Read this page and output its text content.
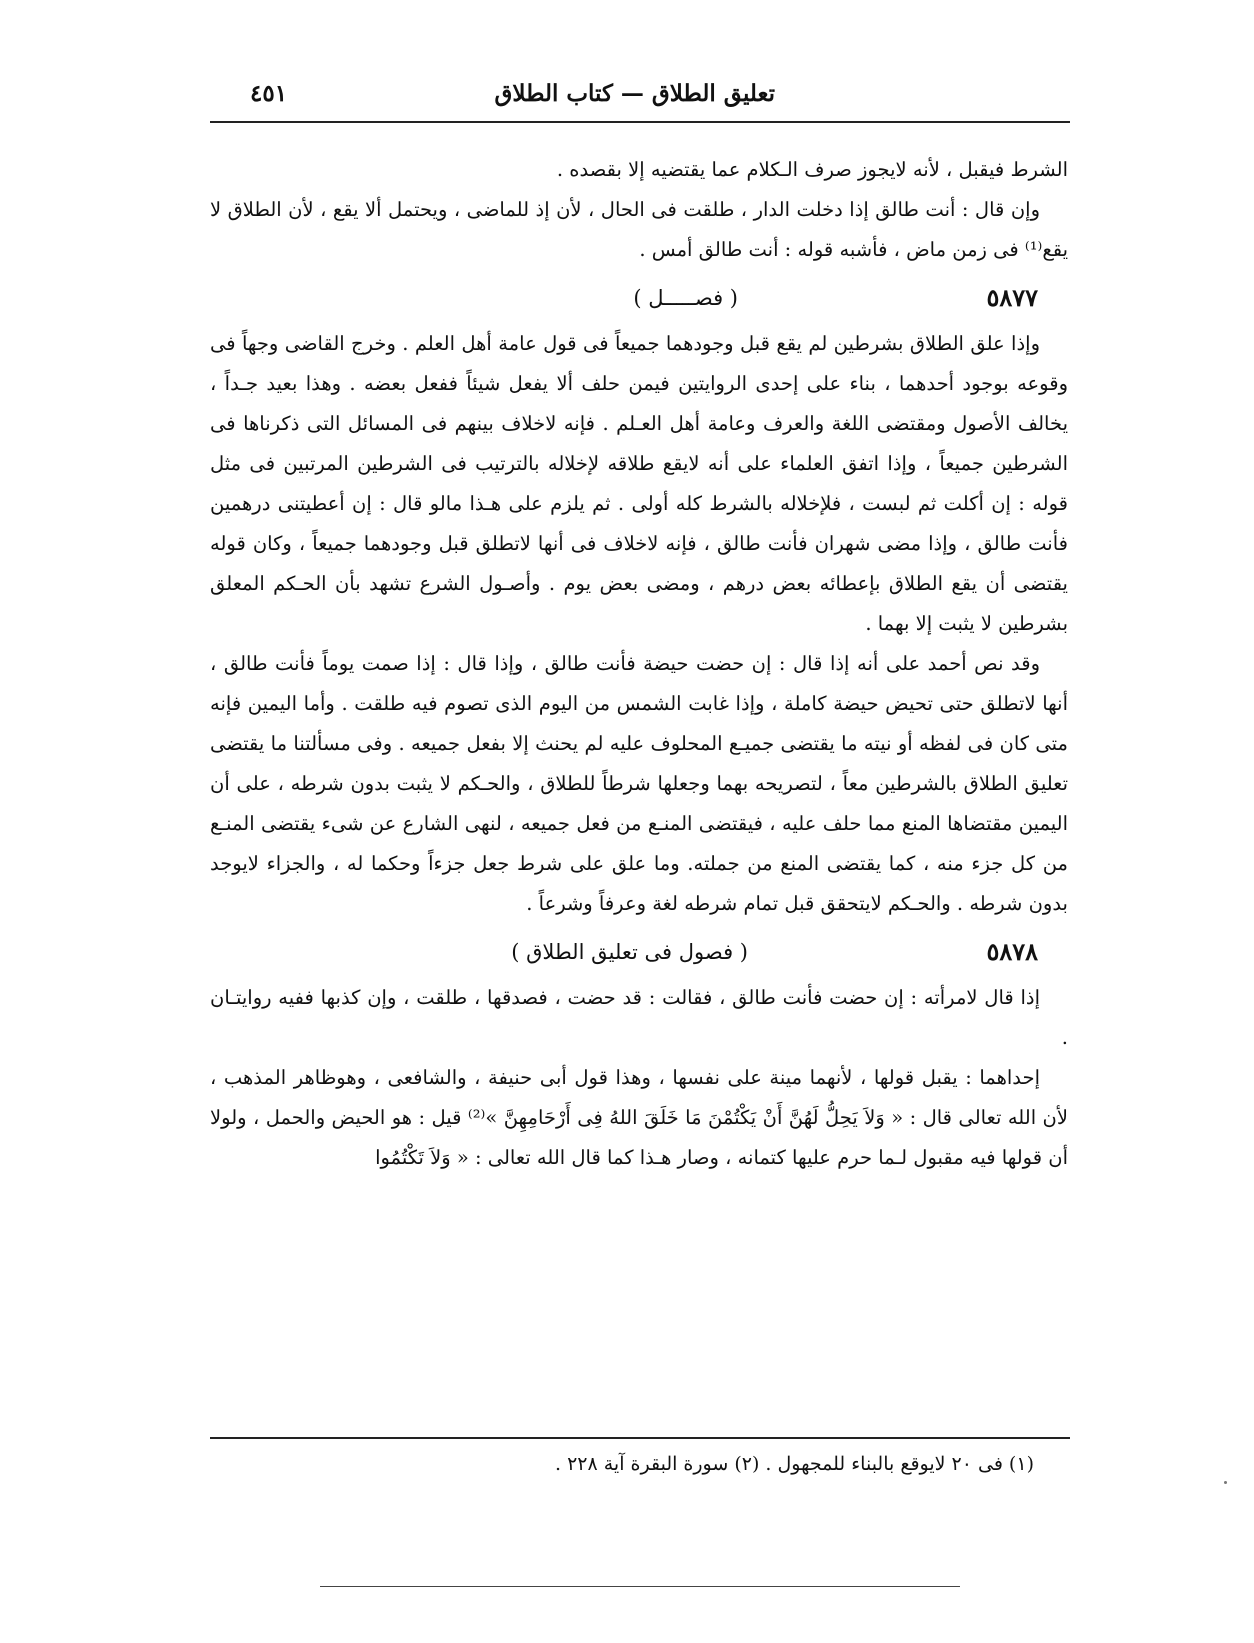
تعليق الطلاق — كتاب الطلاق
٤٥١

الشرط فيقبل ، لأنه لايجوز صرف الـكلام عما يقتضيه إلا بقصده .

وإن قال : أنت طالق إذا دخلت الدار ، طلقت فى الحال ، لأن إذ للماضى ، ويحتمل ألا يقع ، لأن الطلاق لا يقع⁽¹⁾ فى زمن ماض ، فأشبه قوله : أنت طالق أمس .

٥٨٧٧
( فصـــــل )

وإذا علق الطلاق بشرطين لم يقع قبل وجودهما جميعاً فى قول عامة أهل العلم . وخرج القاضى وجهاً فى وقوعه بوجود أحدهما ، بناء على إحدى الروايتين فيمن حلف ألا يفعل شيئاً ففعل بعضه . وهذا بعيد جـداً ، يخالف الأصول ومقتضى اللغة والعرف وعامة أهل العـلم . فإنه لاخلاف بينهم فى المسائل التى ذكرناها فى الشرطين جميعاً ، وإذا اتفق العلماء على أنه لايقع طلاقه لإخلاله بالترتيب فى الشرطين المرتبين فى مثل قوله : إن أكلت ثم لبست ، فلإخلاله بالشرط كله أولى . ثم يلزم على هـذا مالو قال : إن أعطيتنى درهمين فأنت طالق ، وإذا مضى شهران فأنت طالق ، فإنه لاخلاف فى أنها لاتطلق قبل وجودهما جميعاً ، وكان قوله يقتضى أن يقع الطلاق بإعطائه بعض درهم ، ومضى بعض يوم . وأصـول الشرع تشهد بأن الحـكم المعلق بشرطين لا يثبت إلا بهما .

وقد نص أحمد على أنه إذا قال : إن حضت حيضة فأنت طالق ، وإذا قال : إذا صمت يوماً فأنت طالق ، أنها لاتطلق حتى تحيض حيضة كاملة ، وإذا غابت الشمس من اليوم الذى تصوم فيه طلقت . وأما اليمين فإنه متى كان فى لفظه أو نيته ما يقتضى جميـع المحلوف عليه لم يحنث إلا بفعل جميعه . وفى مسألتنا ما يقتضى تعليق الطلاق بالشرطين معاً ، لتصريحه بهما وجعلها شرطاً للطلاق ، والحـكم لا يثبت بدون شرطه ، على أن اليمين مقتضاها المنع مما حلف عليه ، فيقتضى المنـع من فعل جميعه ، لنهى الشارع عن شىء يقتضى المنـع من كل جزء منه ، كما يقتضى المنع من جملته. وما علق على شرط جعل جزءاً وحكما له ، والجزاء لايوجد بدون شرطه . والحـكم لايتحقق قبل تمام شرطه لغة وعرفاً وشرعاً .

٥٨٧٨
( فصول فى تعليق الطلاق )

إذا قال لامرأته : إن حضت فأنت طالق ، فقالت : قد حضت ، فصدقها ، طلقت ، وإن كذبها ففيه روايتـان .

إحداهما : يقبل قولها ، لأنهما مينة على نفسها ، وهذا قول أبى حنيفة ، والشافعى ، وهوظاهر المذهب ، لأن الله تعالى قال : « وَلاَ يَحِلُّ لَهُنَّ أَنْ يَكْتُمْنَ مَا خَلَقَ اللهُ فِى أَرْحَامِهِنَّ »⁽²⁾ قيل : هو الحيض والحمل ، ولولا أن قولها فيه مقبول لـما حرم عليها كتمانه ، وصار هـذا كما قال الله تعالى : « وَلاَ تَكْتُمُوا

(١) فى ٢٠ لايوقع بالبناء للمجهول . (٢) سورة البقرة آية ٢٢٨ .
